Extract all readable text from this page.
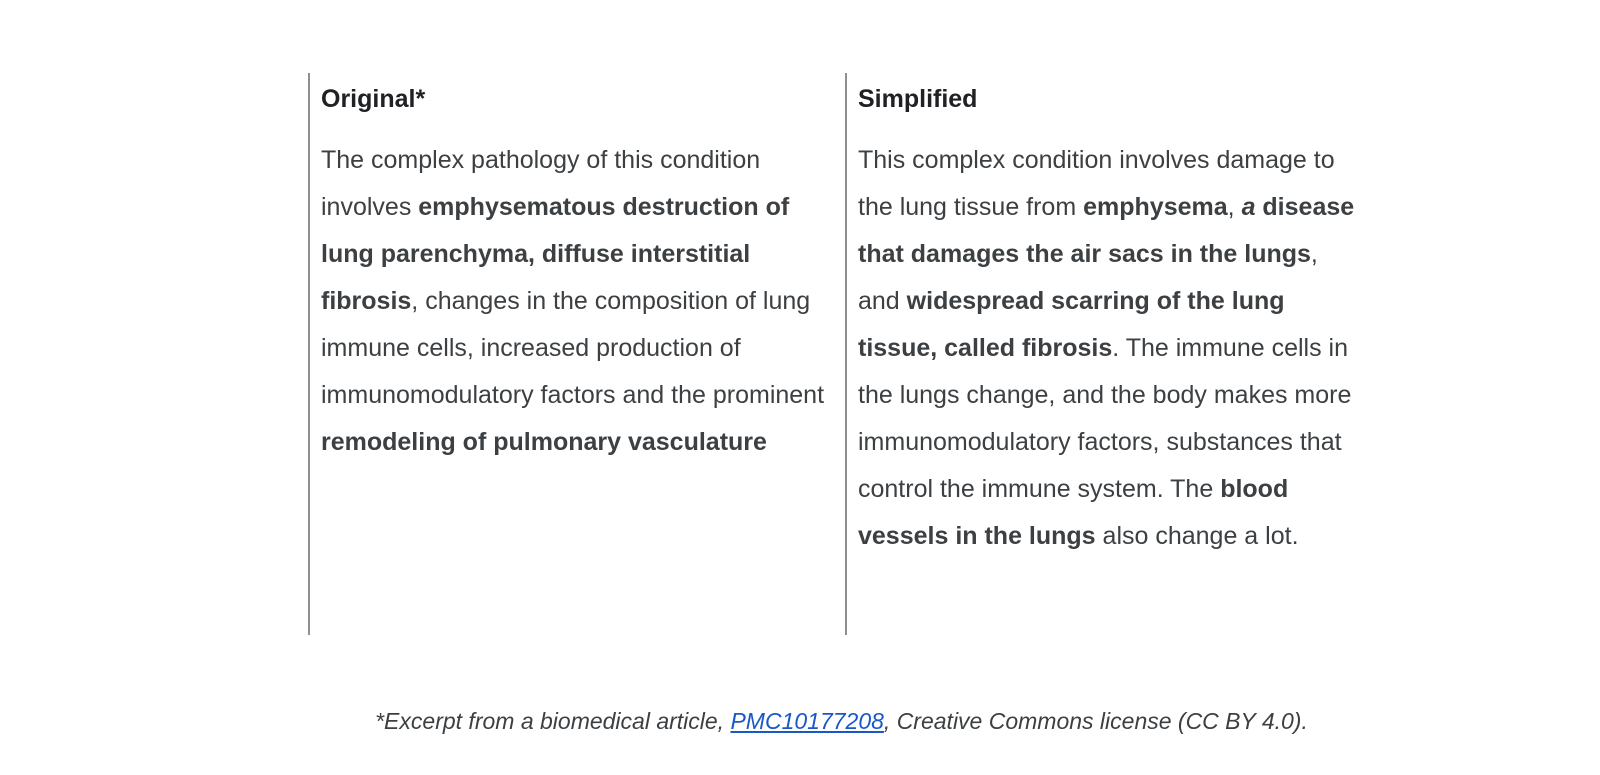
Original*

The complex pathology of this condition involves emphysematous destruction of lung parenchyma, diffuse interstitial fibrosis, changes in the composition of lung immune cells, increased production of immunomodulatory factors and the prominent remodeling of pulmonary vasculature

Simplified

This complex condition involves damage to the lung tissue from emphysema, a disease that damages the air sacs in the lungs, and widespread scarring of the lung tissue, called fibrosis. The immune cells in the lungs change, and the body makes more immunomodulatory factors, substances that control the immune system. The blood vessels in the lungs also change a lot.

*Excerpt from a biomedical article, PMC10177208, Creative Commons license (CC BY 4.0).
